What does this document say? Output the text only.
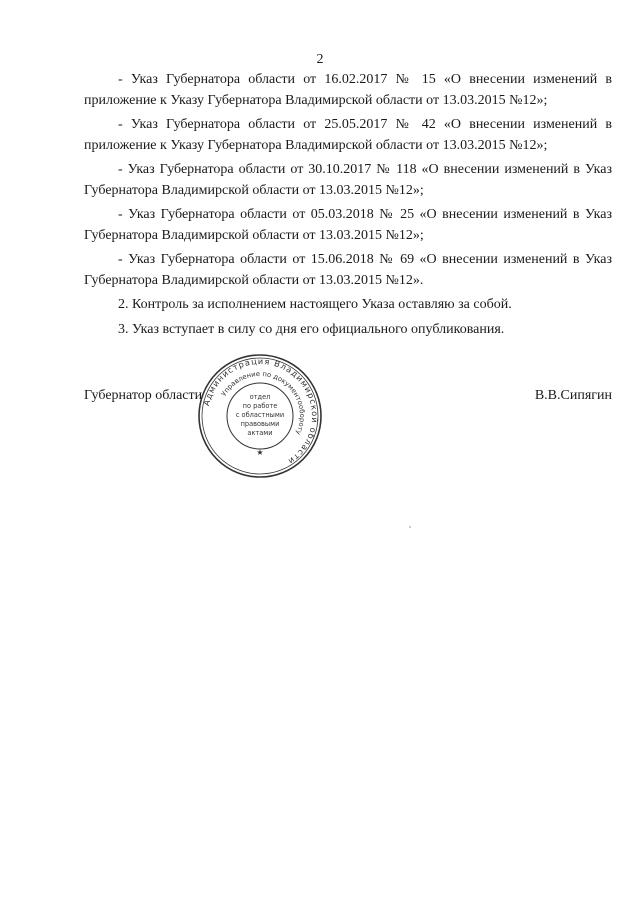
2

- Указ Губернатора области от 16.02.2017 № 15 «О внесении изменений в приложение к Указу Губернатора Владимирской области от 13.03.2015 №12»;

- Указ Губернатора области от 25.05.2017 № 42 «О внесении изменений в приложение к Указу Губернатора Владимирской области от 13.03.2015 №12»;

- Указ Губернатора области от 30.10.2017 № 118 «О внесении изменений в Указ Губернатора Владимирской области от 13.03.2015 №12»;

- Указ Губернатора области от 05.03.2018 № 25 «О внесении изменений в Указ Губернатора Владимирской области от 13.03.2015 №12»;

- Указ Губернатора области от 15.06.2018 № 69 «О внесении изменений в Указ Губернатора Владимирской области от 13.03.2015 №12».

2. Контроль за исполнением настоящего Указа оставляю за собой.

3. Указ вступает в силу со дня его официального опубликования.

Губернатор области	В.В.Сипягин
Администрация Владимирской области
Управление по документообороту
★
отдел
по работе
с областными
правовыми
актами
